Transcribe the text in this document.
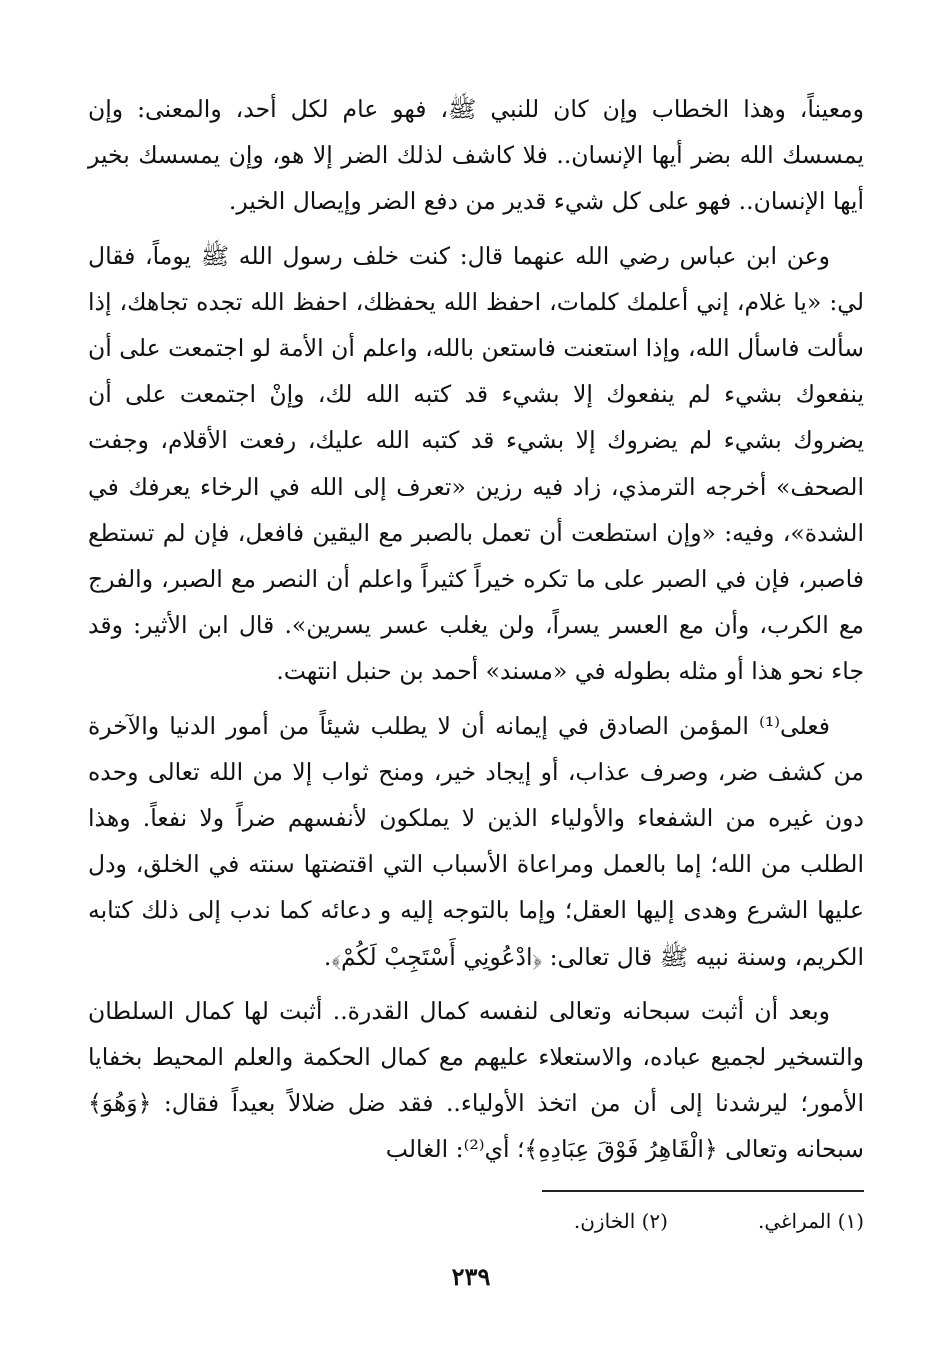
ومعيناً، وهذا الخطاب وإن كان للنبي ﷺ، فهو عام لكل أحد، والمعنى: وإن يمسسك الله بضر أيها الإنسان.. فلا كاشف لذلك الضر إلا هو، وإن يمسسك بخير أيها الإنسان.. فهو على كل شيء قدير من دفع الضر وإيصال الخير.

وعن ابن عباس رضي الله عنهما قال: كنت خلف رسول الله ﷺ يوماً، فقال لي: «يا غلام، إني أعلمك كلمات، احفظ الله يحفظك، احفظ الله تجده تجاهك، إذا سألت فاسأل الله، وإذا استعنت فاستعن بالله، واعلم أن الأمة لو اجتمعت على أن ينفعوك بشيء لم ينفعوك إلا بشيء قد كتبه الله لك، وإنْ اجتمعت على أن يضروك بشيء لم يضروك إلا بشيء قد كتبه الله عليك، رفعت الأقلام، وجفت الصحف» أخرجه الترمذي، زاد فيه رزين «تعرف إلى الله في الرخاء يعرفك في الشدة»، وفيه: «وإن استطعت أن تعمل بالصبر مع اليقين فافعل، فإن لم تستطع فاصبر، فإن في الصبر على ما تكره خيراً كثيراً واعلم أن النصر مع الصبر، والفرج مع الكرب، وأن مع العسر يسراً، ولن يغلب عسر يسرين». قال ابن الأثير: وقد جاء نحو هذا أو مثله بطوله في «مسند» أحمد بن حنبل انتهت.

فعلى⁽¹⁾ المؤمن الصادق في إيمانه أن لا يطلب شيئاً من أمور الدنيا والآخرة من كشف ضر، وصرف عذاب، أو إيجاد خير، ومنح ثواب إلا من الله تعالى وحده دون غيره من الشفعاء والأولياء الذين لا يملكون لأنفسهم ضراً ولا نفعاً. وهذا الطلب من الله؛ إما بالعمل ومراعاة الأسباب التي اقتضتها سنته في الخلق، ودل عليها الشرع وهدى إليها العقل؛ وإما بالتوجه إليه و دعائه كما ندب إلى ذلك كتابه الكريم، وسنة نبيه ﷺ قال تعالى: ﴿ادْعُونِي أَسْتَجِبْ لَكُمْ﴾.

وبعد أن أثبت سبحانه وتعالى لنفسه كمال القدرة.. أثبت لها كمال السلطان والتسخير لجميع عباده، والاستعلاء عليهم مع كمال الحكمة والعلم المحيط بخفايا الأمور؛ ليرشدنا إلى أن من اتخذ الأولياء.. فقد ضل ضلالاً بعيداً فقال: ﴿وَهُوَ﴾ سبحانه وتعالى ﴿الْقَاهِرُ فَوْقَ عِبَادِهِ﴾؛ أي⁽²⁾: الغالب

(١) المراغي.
(٢) الخازن.
٢٣٩
